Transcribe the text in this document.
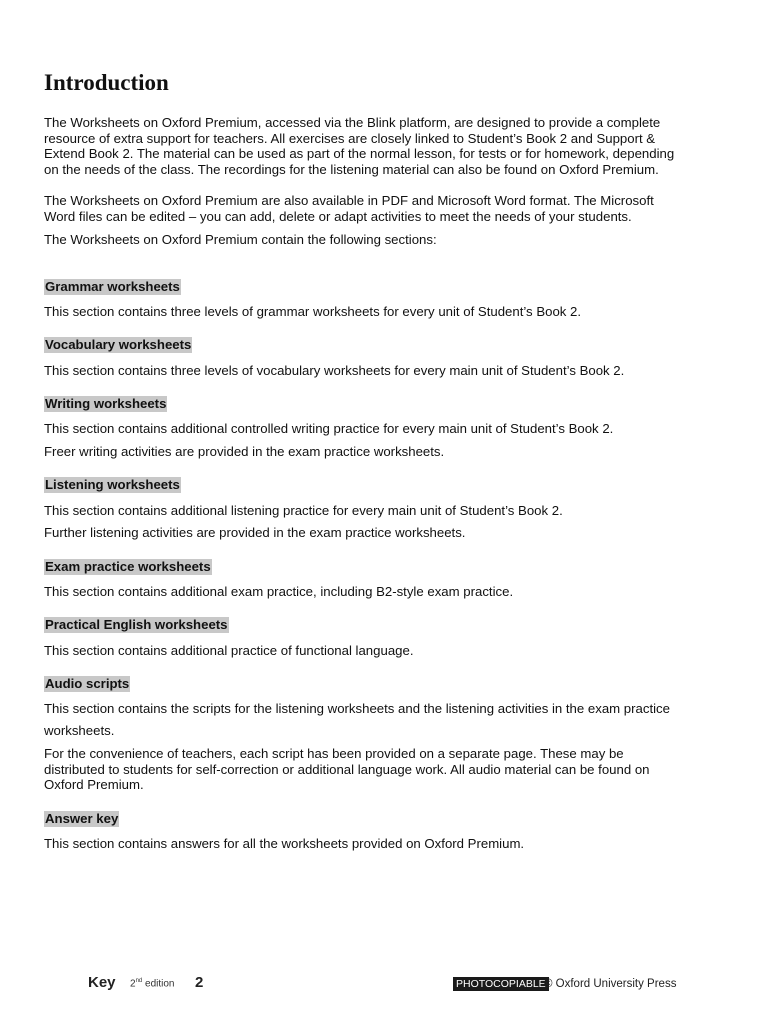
Introduction
The Worksheets on Oxford Premium, accessed via the Blink platform, are designed to provide a complete
resource of extra support for teachers. All exercises are closely linked to Student’s Book 2 and Support &
Extend Book 2. The material can be used as part of the normal lesson, for tests or for homework, depending
on the needs of the class. The recordings for the listening material can also be found on Oxford Premium.
The Worksheets on Oxford Premium are also available in PDF and Microsoft Word format. The Microsoft
Word files can be edited – you can add, delete or adapt activities to meet the needs of your students.
The Worksheets on Oxford Premium contain the following sections:
Grammar worksheets
This section contains three levels of grammar worksheets for every unit of Student’s Book 2.
Vocabulary worksheets
This section contains three levels of vocabulary worksheets for every main unit of Student’s Book 2.
Writing worksheets
This section contains additional controlled writing practice for every main unit of Student’s Book 2.
Freer writing activities are provided in the exam practice worksheets.
Listening worksheets
This section contains additional listening practice for every main unit of Student’s Book 2.
Further listening activities are provided in the exam practice worksheets.
Exam practice worksheets
This section contains additional exam practice, including B2-style exam practice.
Practical English worksheets
This section contains additional practice of functional language.
Audio scripts
This section contains the scripts for the listening worksheets and the listening activities in the exam practice
worksheets.
For the convenience of teachers, each script has been provided on a separate page. These may be
distributed to students for self-correction or additional language work. All audio material can be found on
Oxford Premium.
Answer key
This section contains answers for all the worksheets provided on Oxford Premium.
Key 2nd edition 2	PHOTOCOPIABLE
© Oxford University Press
